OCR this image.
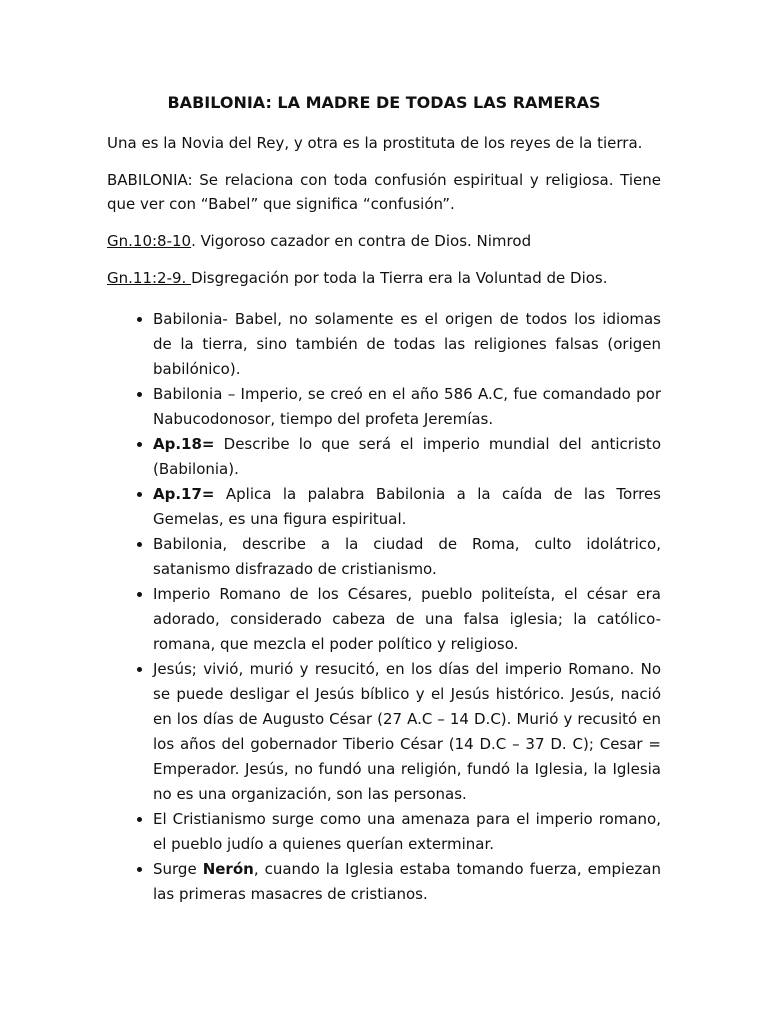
BABILONIA: LA MADRE DE TODAS LAS RAMERAS

Una es la Novia del Rey, y otra es la prostituta de los reyes de la tierra.

BABILONIA: Se relaciona con toda confusión espiritual y religiosa. Tiene que ver con “Babel” que significa “confusión”.

Gn.10:8-10. Vigoroso cazador en contra de Dios. Nimrod

Gn.11:2-9. Disgregación por toda la Tierra era la Voluntad de Dios.

• Babilonia- Babel, no solamente es el origen de todos los idiomas de la tierra, sino también de todas las religiones falsas (origen babilónico).
• Babilonia – Imperio, se creó en el año 586 A.C, fue comandado por Nabucodonosor, tiempo del profeta Jeremías.
• Ap.18= Describe lo que será el imperio mundial del anticristo (Babilonia).
• Ap.17= Aplica la palabra Babilonia a la caída de las Torres Gemelas, es una figura espiritual.
• Babilonia, describe a la ciudad de Roma, culto idolátrico, satanismo disfrazado de cristianismo.
• Imperio Romano de los Césares, pueblo politeísta, el césar era adorado, considerado cabeza de una falsa iglesia; la católico-romana, que mezcla el poder político y religioso.
• Jesús; vivió, murió y resucitó, en los días del imperio Romano. No se puede desligar el Jesús bíblico y el Jesús histórico. Jesús, nació en los días de Augusto César (27 A.C – 14 D.C). Murió y recusitó en los años del gobernador Tiberio César (14 D.C – 37 D. C); Cesar = Emperador. Jesús, no fundó una religión, fundó la Iglesia, la Iglesia no es una organización, son las personas.
• El Cristianismo surge como una amenaza para el imperio romano, el pueblo judío a quienes querían exterminar.
• Surge Nerón, cuando la Iglesia estaba tomando fuerza, empiezan las primeras masacres de cristianos.
